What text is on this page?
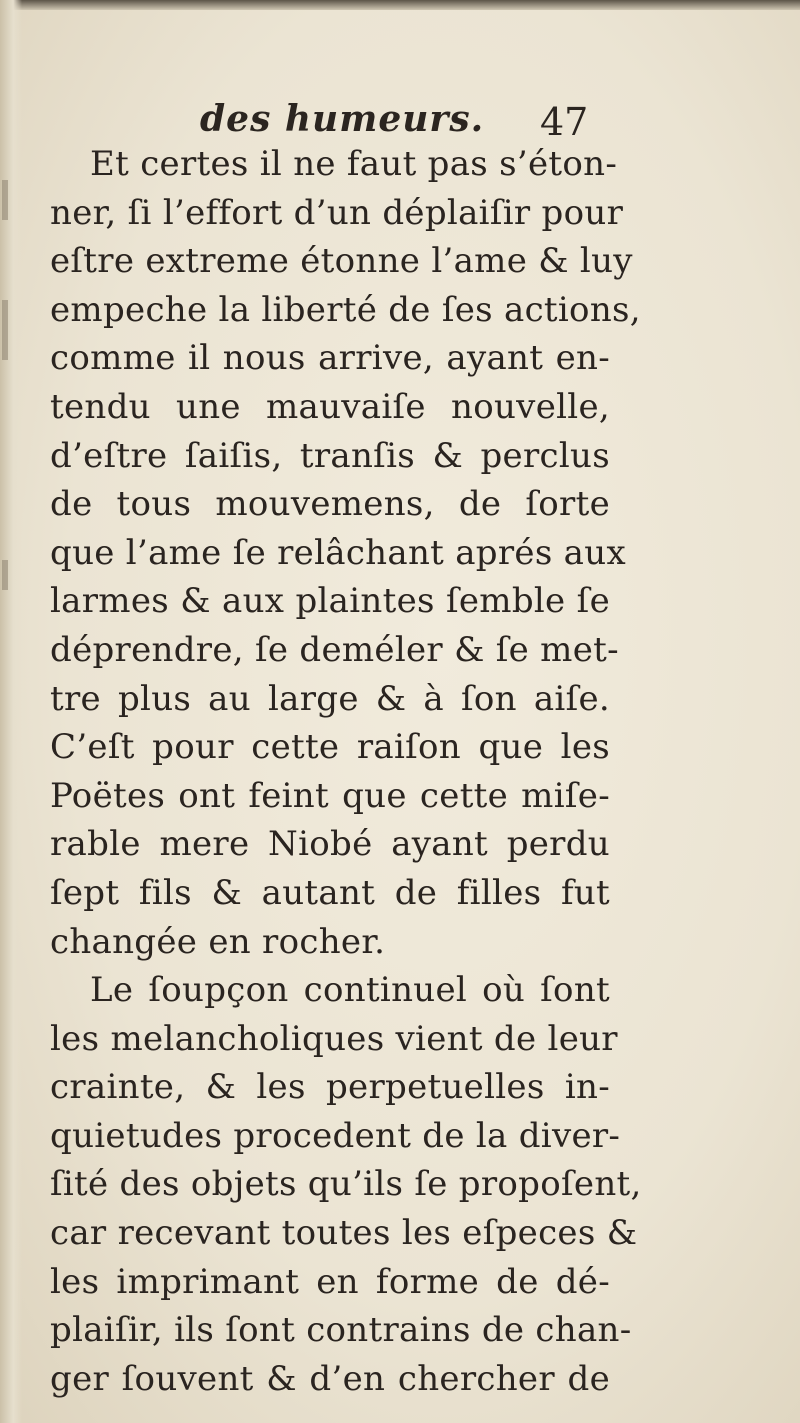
des humeurs. 47
Et certes il ne faut pas s’éton-
ner, ſi l’effort d’un déplaiſir pour
eſtre extreme étonne l’ame & luy
empeche la liberté de ſes actions,
comme il nous arrive, ayant en-
tendu une mauvaiſe nouvelle,
d’eſtre ſaiſis, tranſis & perclus
de tous mouvemens, de ſorte
que l’ame ſe relâchant aprés aux
larmes & aux plaintes ſemble ſe
déprendre, ſe deméler & ſe met-
tre plus au large & à ſon aiſe.
C’eſt pour cette raiſon que les
Poëtes ont feint que cette miſe-
rable mere Niobé ayant perdu
ſept fils & autant de filles fut
changée en rocher.
Le ſoupçon continuel où ſont
les melancholiques vient de leur
crainte, & les perpetuelles in-
quietudes procedent de la diver-
ſité des objets qu’ils ſe propoſent,
car recevant toutes les eſpeces &
les imprimant en forme de dé-
plaiſir, ils ſont contrains de chan-
ger ſouvent & d’en chercher de
